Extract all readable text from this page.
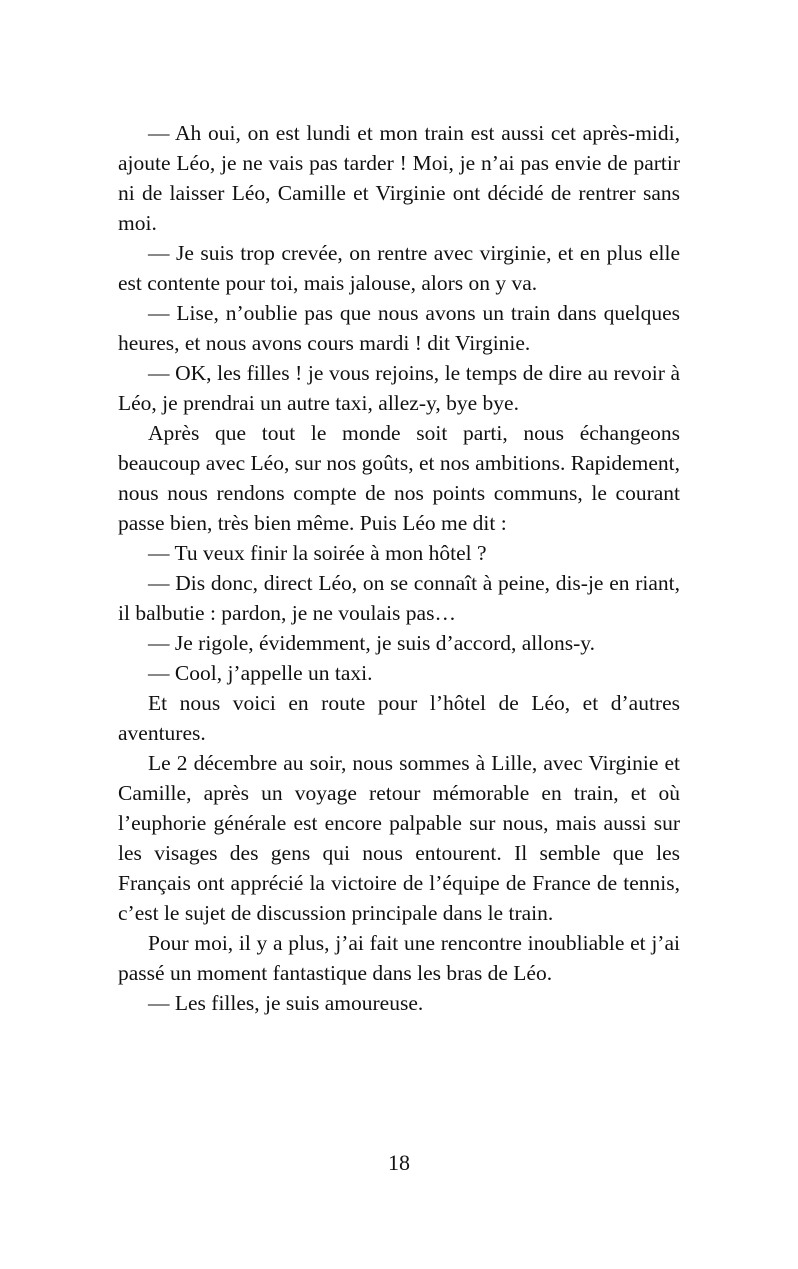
— Ah oui, on est lundi et mon train est aussi cet après-midi, ajoute Léo, je ne vais pas tarder ! Moi, je n’ai pas envie de partir ni de laisser Léo, Camille et Virginie ont décidé de rentrer sans moi.

— Je suis trop crevée, on rentre avec virginie, et en plus elle est contente pour toi, mais jalouse, alors on y va.

— Lise, n’oublie pas que nous avons un train dans quelques heures, et nous avons cours mardi ! dit Virginie.

— OK, les filles ! je vous rejoins, le temps de dire au revoir à Léo, je prendrai un autre taxi, allez-y, bye bye.

Après que tout le monde soit parti, nous échangeons beaucoup avec Léo, sur nos goûts, et nos ambitions. Rapidement, nous nous rendons compte de nos points communs, le courant passe bien, très bien même. Puis Léo me dit :

— Tu veux finir la soirée à mon hôtel ?

— Dis donc, direct Léo, on se connaît à peine, dis-je en riant, il balbutie : pardon, je ne voulais pas…

— Je rigole, évidemment, je suis d’accord, allons-y.

— Cool, j’appelle un taxi.

Et nous voici en route pour l’hôtel de Léo, et d’autres aventures.

Le 2 décembre au soir, nous sommes à Lille, avec Virginie et Camille, après un voyage retour mémorable en train, et où l’euphorie générale est encore palpable sur nous, mais aussi sur les visages des gens qui nous entourent. Il semble que les Français ont apprécié la victoire de l’équipe de France de tennis, c’est le sujet de discussion principale dans le train.

Pour moi, il y a plus, j’ai fait une rencontre inoubliable et j’ai passé un moment fantastique dans les bras de Léo.

— Les filles, je suis amoureuse.

18
